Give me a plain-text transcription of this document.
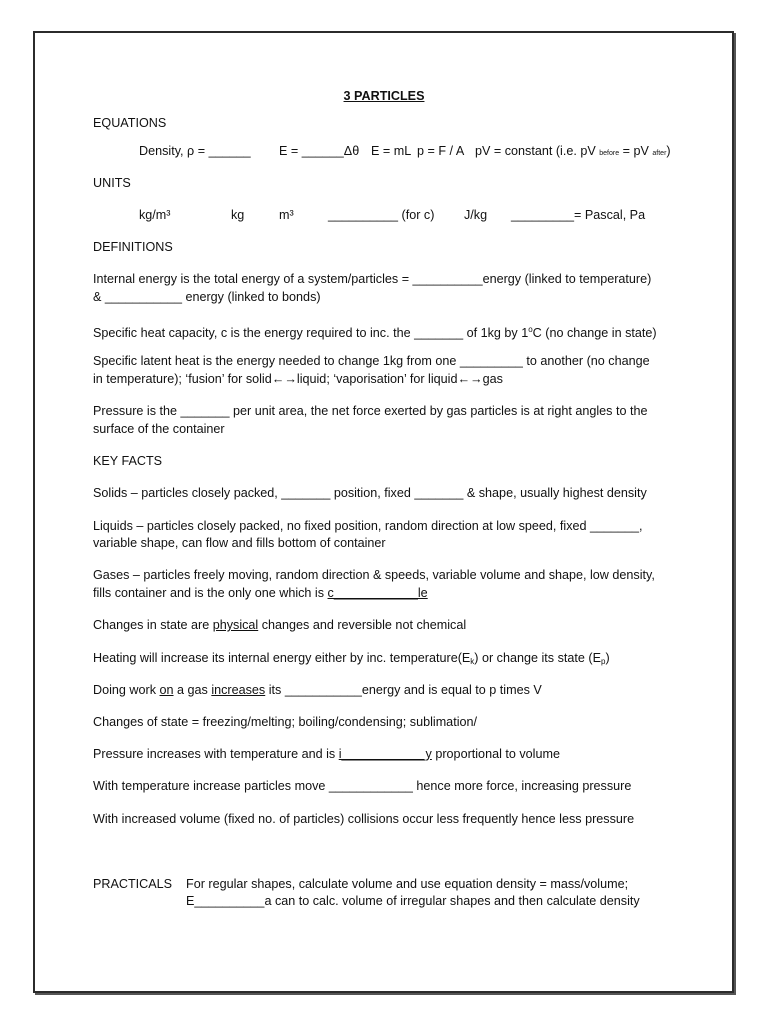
3 PARTICLES
EQUATIONS
Density, ρ = ______ E = ______Δθ E = mL p = F / A pV = constant (i.e. pV before = pV after)
UNITS
kg/m³	kg	m³	__________ (for c) J/kg _________= Pascal, Pa
DEFINITIONS
Internal energy is the total energy of a system/particles = __________energy (linked to temperature)
& ___________ energy (linked to bonds)
Specific heat capacity, c is the energy required to inc. the _______ of 1kg by 1$^o$C (no change in state)
Specific latent heat is the energy needed to change 1kg from one _________ to another (no change
in temperature); ‘fusion’ for solid←→liquid; ‘vaporisation’ for liquid←→gas
Pressure is the _______ per unit area, the net force exerted by gas particles is at right angles to the
surface of the container
KEY FACTS
Solids – particles closely packed, _______ position, fixed _______ & shape, usually highest density
Liquids – particles closely packed, no fixed position, random direction at low speed, fixed _______,
variable shape, can flow and fills bottom of container
Gases – particles freely moving, random direction & speeds, variable volume and shape, low density,
fills container and is the only one which is c____________le
Changes in state are physical changes and reversible not chemical
Heating will increase its internal energy either by inc. $temperature(E_k)$ or change its state $(E_p)$
Doing work on a gas increases its ___________energy and is equal to p times V
Changes of state = freezing/melting; boiling/condensing; sublimation/
Pressure increases with temperature and is i____________y proportional to volume
With temperature increase particles move ____________ hence more force, increasing pressure
With increased volume (fixed no. of particles) collisions occur less frequently hence less pressure
PRACTICALS For regular shapes, calculate volume and use equation density = mass/volume;
E__________a can to calc. volume of irregular shapes and then calculate density
